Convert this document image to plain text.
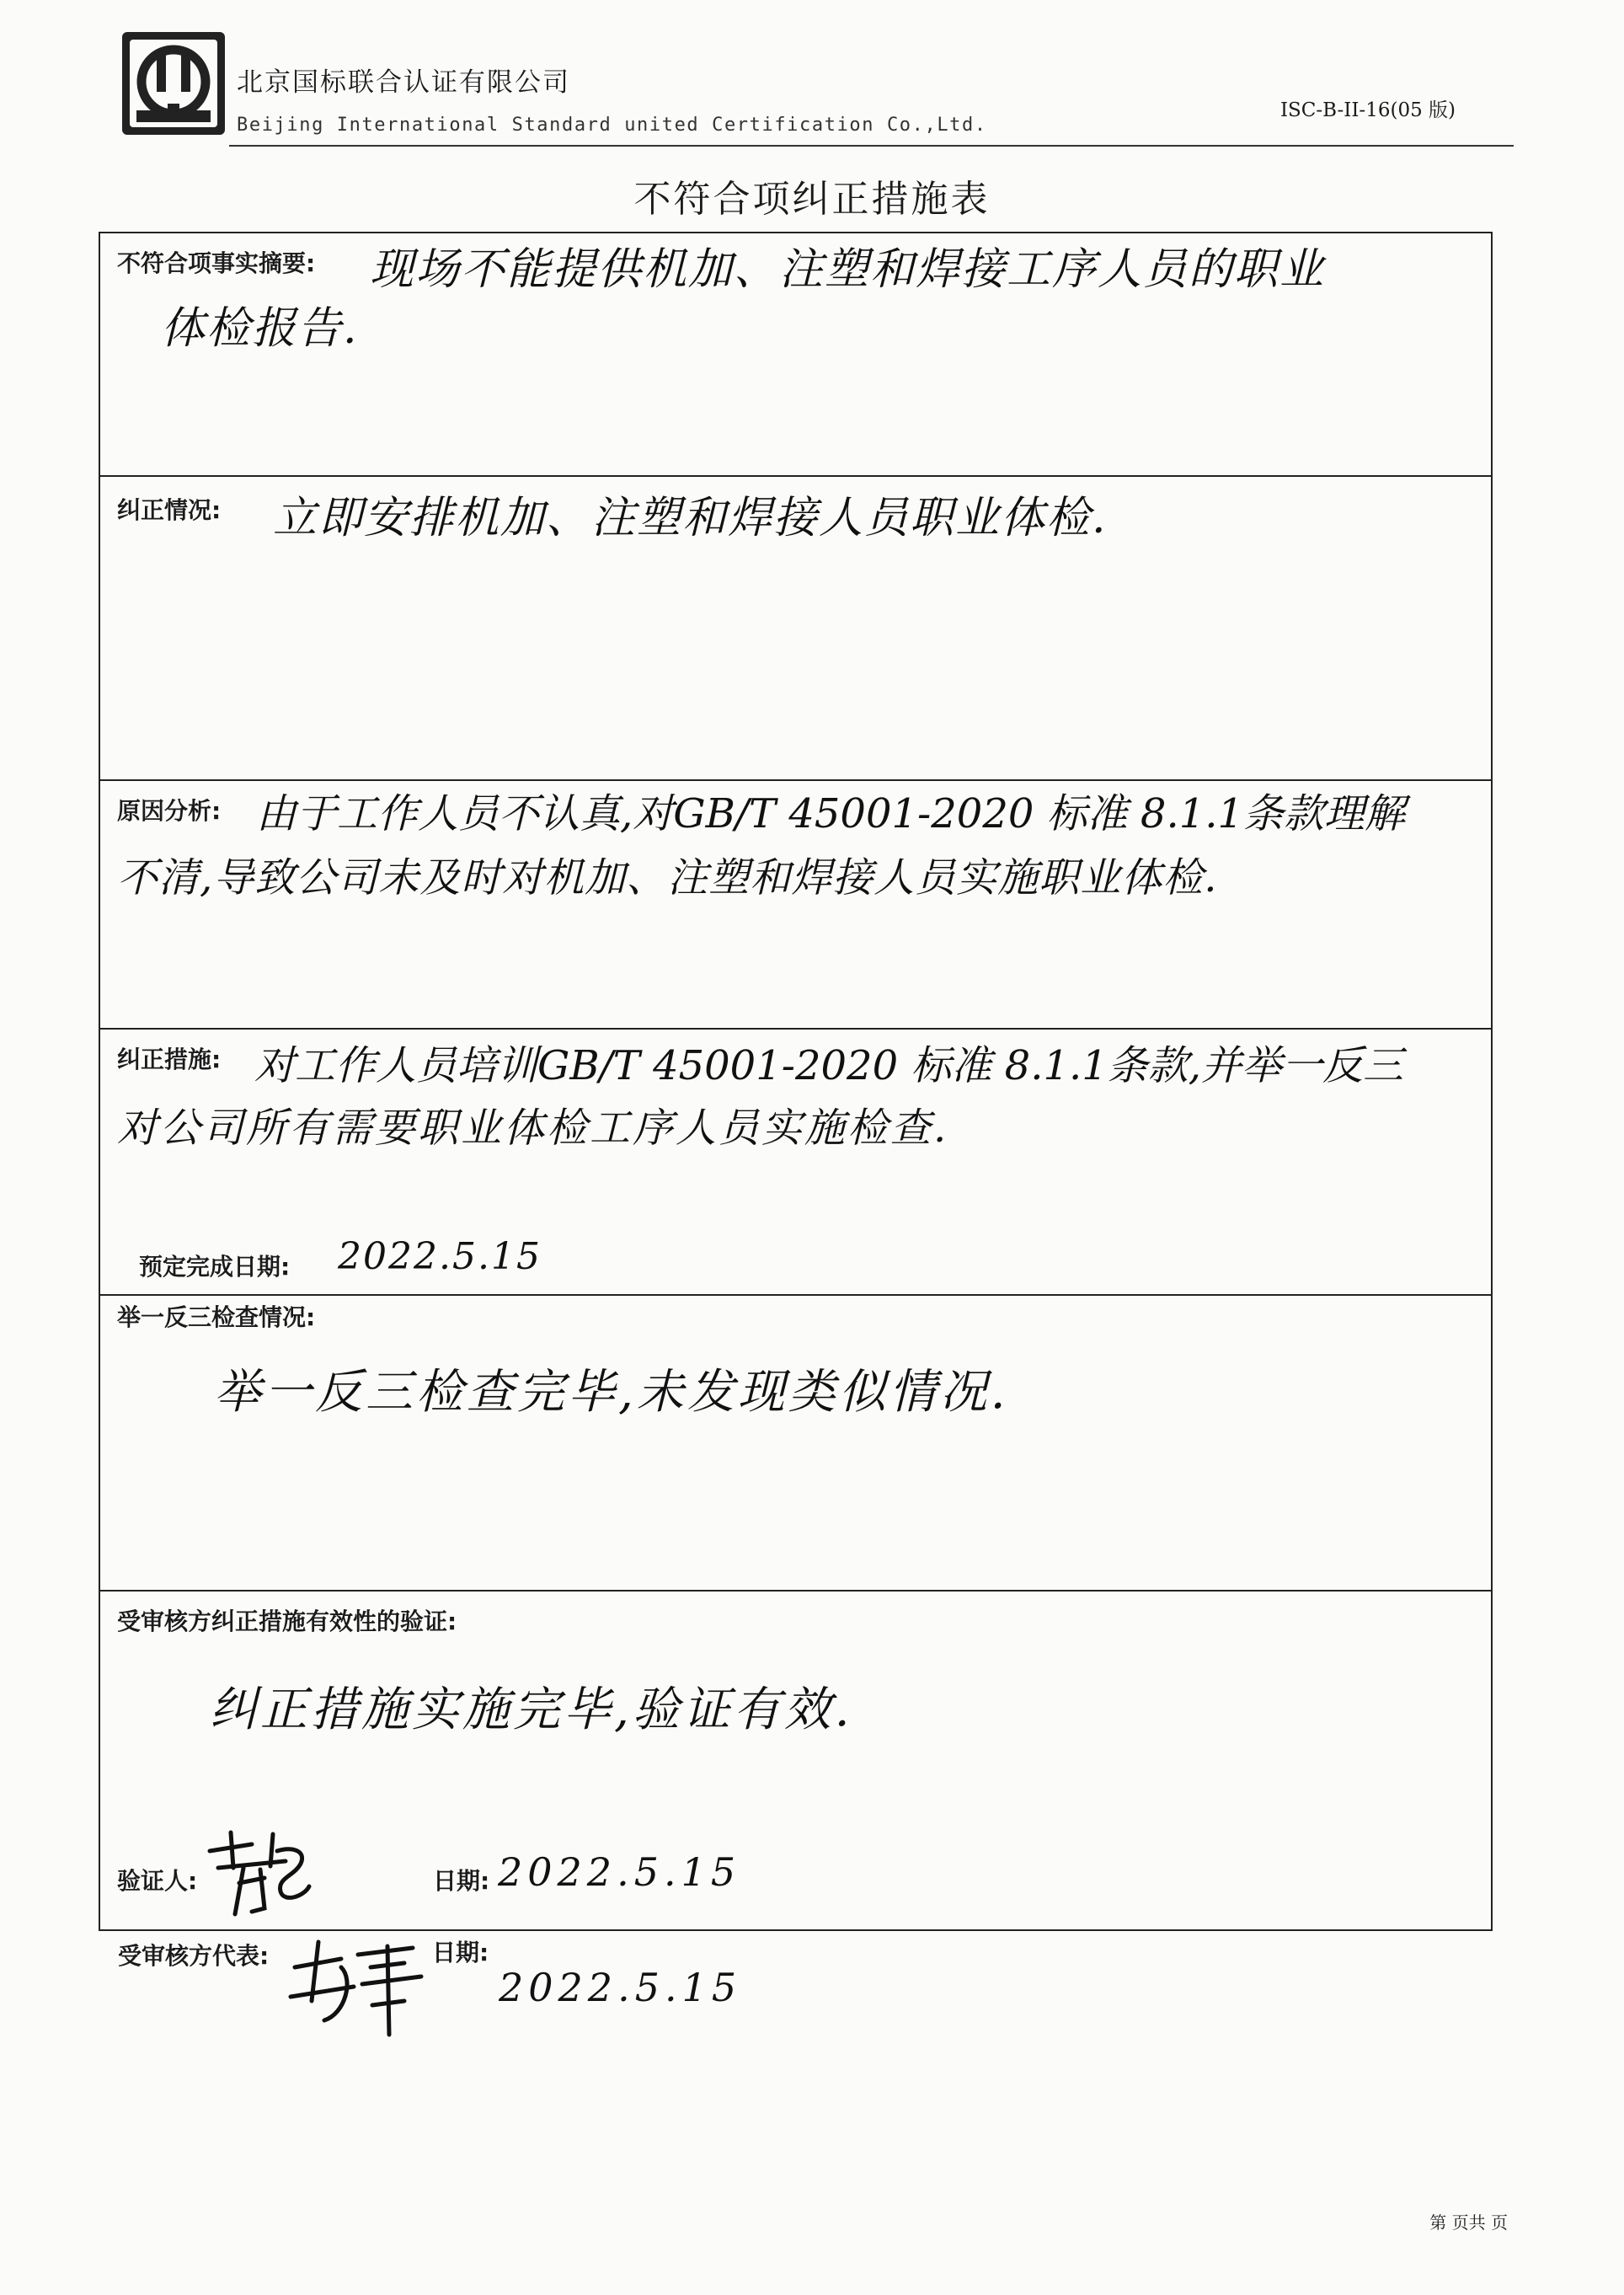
北京国标联合认证有限公司
Beijing International Standard united Certification Co.,Ltd.
ISC-B-II-16(05 版)
不符合项纠正措施表
不符合项事实摘要: 现场不能提供机加、注塑和焊接工序人员的职业
体检报告.
纠正情况: 立即安排机加、注塑和焊接人员职业体检.
原因分析: 由于工作人员不认真,对GB/T 45001-2020 标准 8.1.1条款理解
不清,导致公司未及时对机加、注塑和焊接人员实施职业体检.
纠正措施: 对工作人员培训GB/T 45001-2020 标准 8.1.1条款,并举一反三
对公司所有需要职业体检工序人员实施检查.
预定完成日期: 2022.5.15
举一反三检查情况:
举一反三检查完毕,未发现类似情况.
受审核方纠正措施有效性的验证:
纠正措施实施完毕,验证有效.
验证人:	日期: 2022.5.15
受审核方代表:	日期:
2022.5.15
第 页共 页
